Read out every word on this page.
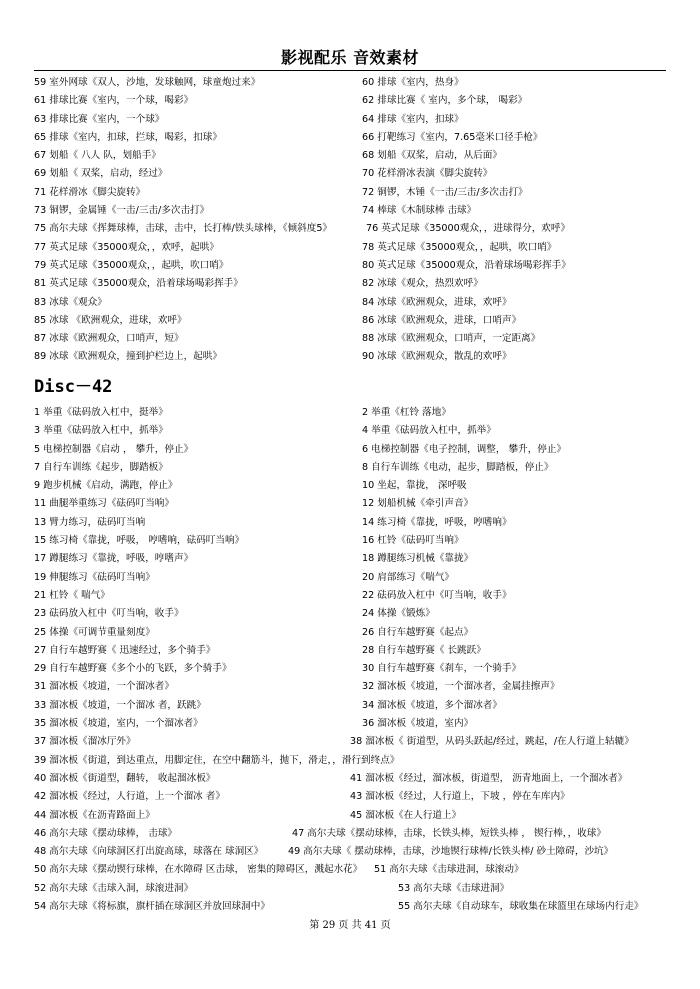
影视配乐 音效素材
59 室外网球《双人，沙地，发球触网，球童炮过来》	60 排球《室内，热身》
61 排球比赛《室内，一个球，喝彩》	62 排球比赛《 室内，多个球， 喝彩》
63 排球比赛《室内，一个球》	64 排球《室内，扣球》
65 排球《室内，扣球，拦球，喝彩，扣球》	66 打靶练习《室内，7.65毫米口径手枪》
67 划船《 八人 队，划船手》	68 划船《双桨，启动，从后面》
69 划船《 双桨，启动，经过》	70 花样滑冰表演《脚尖旋转》
71 花样滑冰《脚尖旋转》	72 铜锣，木锤《一击/三击/多次击打》
73 铜锣，金属锤《一击/三击/多次击打》	74 棒球《木制球棒 击球》
75 高尔夫球《挥舞球棒，击球，击中，长打棒/铁头球棒，《倾斜度5》	76 英式足球《35000观众，，进球得分，欢呼》
77 英式足球《35000观众，，欢呼，起哄》	78 英式足球《35000观众，，起哄，吹口哨》
79 英式足球《35000观众，，起哄，吹口哨》	80 英式足球《35000观众，沿着球场喝彩挥手》
81 英式足球《35000观众，沿着球场喝彩挥手》	82 冰球《观众，热烈欢呼》
83 冰球《观众》	84 冰球《欧洲观众，进球，欢呼》
85 冰球 《欧洲观众，进球，欢呼》	86 冰球《欧洲观众，进球，口哨声》
87 冰球《欧洲观众，口哨声，短》	88 冰球《欧洲观众，口哨声，一定距离》
89 冰球《欧洲观众，撞到护栏边上，起哄》	90 冰球《欧洲观众，散乱的欢呼》
Disc－42
1 举重《砝码放入杠中，挺举》	2 举重《杠铃 落地》
3 举重《砝码放入杠中，抓举》	4 举重《砝码放入杠中，抓举》
5 电梯控制器《启动 ， 攀升，停止》	6 电梯控制器《电子控制，调整， 攀升，停止》
7 自行车训练《起步，脚踏板》	8 自行车训练《电动，起步，脚踏板，停止》
9 跑步机械《启动，满跑，停止》	10 坐起，靠拢， 深呼吸
11 曲腿举重练习《砝码叮当响》	12 划船机械《牵引声音》
13 臂力练习，砝码叮当响	14 练习椅《靠拢，呼吸，哼嗜响》
15 练习椅《靠拢，呼吸， 哼嗜响，砝码叮当响》	16 杠铃《砝码叮当响》
17 蹲腿练习《靠拢，呼吸，哼嗜声》	18 蹲腿练习机械《靠拢》
19 伸腿练习《砝码叮当响》	20 肩部练习《喘气》
21 杠铃《 喘气》	22 砝码放入杠中《叮当响，收手》
23 砝码放入杠中《叮当响，收手》	24 体操《锻炼》
25 体操《可调节重量刻度》	26 自行车越野赛《起点》
27 自行车越野赛《 迅速经过，多个骑手》	28 自行车越野赛《 长跳跃》
29 自行车越野赛《多个小的飞跃，多个骑手》	30 自行车越野赛《刹车，一个骑手》
31 溜冰板《坡道，一个溜冰者》	32 溜冰板《坡道，一个溜冰者，金属挂擦声》
33 溜冰板《坡道，一个溜冰 者，跃跳》	34 溜冰板《坡道，多个溜冰者》
35 溜冰板《坡道，室内，一个溜冰者》	36 溜冰板《坡道，室内》
37 溜冰板《溜冰厅外》	38 溜冰板《 街道型，从码头跃起/经过，跳起，/在人行道上轱辘》
39 溜冰板《街道，到达重点，用脚定住，在空中翻筋斗，抛下，滑走，，滑行到终点》
40 溜冰板《街道型，翻转， 收起溜冰板》	41 溜冰板《经过，溜冰板，街道型， 沥青地面上，一个溜冰者》
42 溜冰板《经过，人行道，上一个溜冰 者》	43 溜冰板《经过，人行道上，下坡 ，停在车库内》
44 溜冰板《在沥青路面上》	45 溜冰板《在人行道上》
46 高尔夫球《摆动球棒， 击球》	47 高尔夫球《摆动球棒，击球，长铁头棒，短铁头棒 ， 锲行棒，，收球》
48 高尔夫球《向球洞区打出旋高球，球落在 球洞区》	49 高尔夫球《 摆动球棒，击球，沙地锲行球棒/长铁头棒/ 砂土障碍，沙坑》
50 高尔夫球《摆动锲行球棒，在水障碍 区击球， 密集的障碍区，溅起水花》	51 高尔夫球《击球进洞，球滚动》
52 高尔夫球《击球入洞，球滚进洞》	53 高尔夫球《击球进洞》
54 高尔夫球《将标旗，旗杆插在球洞区并放回球洞中》	55 高尔夫球《自动球车，球收集在球篮里在球场内行走》
第 29 页 共 41 页
